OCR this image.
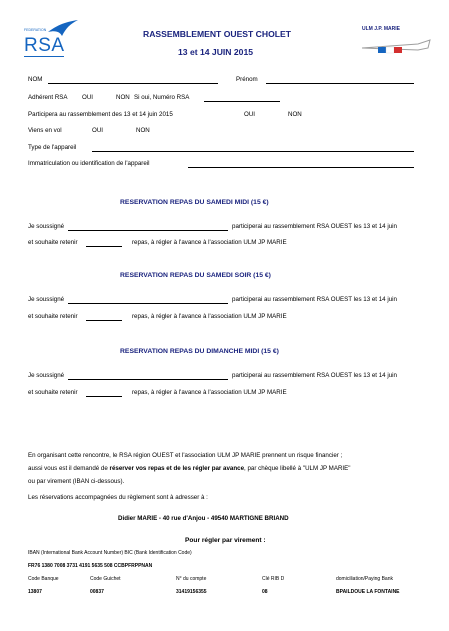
FEDERATION
RSA
RASSEMBLEMENT OUEST CHOLET
13 et 14 JUIN 2015
ULM J.P. MARIE
NOM	Prénom
Adhérent RSA OUI	NON Si oui, Numéro RSA
Participera au rassemblement des 13 et 14 juin 2015	OUI	NON
Viens en vol	OUI	NON
Type de l'appareil
Immatriculation ou identification de l'appareil
RESERVATION REPAS DU SAMEDI MIDI (15 €)
Je soussigné	participerai au rassemblement RSA OUEST les 13 et 14 juin
et souhaite retenir	repas, à régler à l'avance à l'association ULM JP MARIE
RESERVATION REPAS DU SAMEDI SOIR (15 €)
Je soussigné	participerai au rassemblement RSA OUEST les 13 et 14 juin
et souhaite retenir	repas, à régler à l'avance à l'association ULM JP MARIE
RESERVATION REPAS DU DIMANCHE MIDI (15 €)
Je soussigné	participerai au rassemblement RSA OUEST les 13 et 14 juin
et souhaite retenir	repas, à régler à l'avance à l'association ULM JP MARIE
En organisant cette rencontre, le RSA région OUEST et l'association ULM JP MARIE prennent un risque financier ;
aussi vous est il demandé de réserver vos repas et de les régler par avance, par chèque libellé à "ULM JP MARIE"
ou par virement (IBAN ci-dessous).
Les réservations accompagnées du règlement sont à adresser à :
Didier MARIE - 40 rue d'Anjou - 49540 MARTIGNE BRIAND
Pour régler par virement :
IBAN (International Bank Account Number) BIC (Bank Identification Code)
FR76 1380 7008 3731 4191 5635 508 CCBPFRPPNAN
Code Banque	Code Guichet	N° du compte	Clé RIB D	domiciliation/Paying Bank
13807	00837	31419156355	08	BPAILDOUE LA FONTAINE
